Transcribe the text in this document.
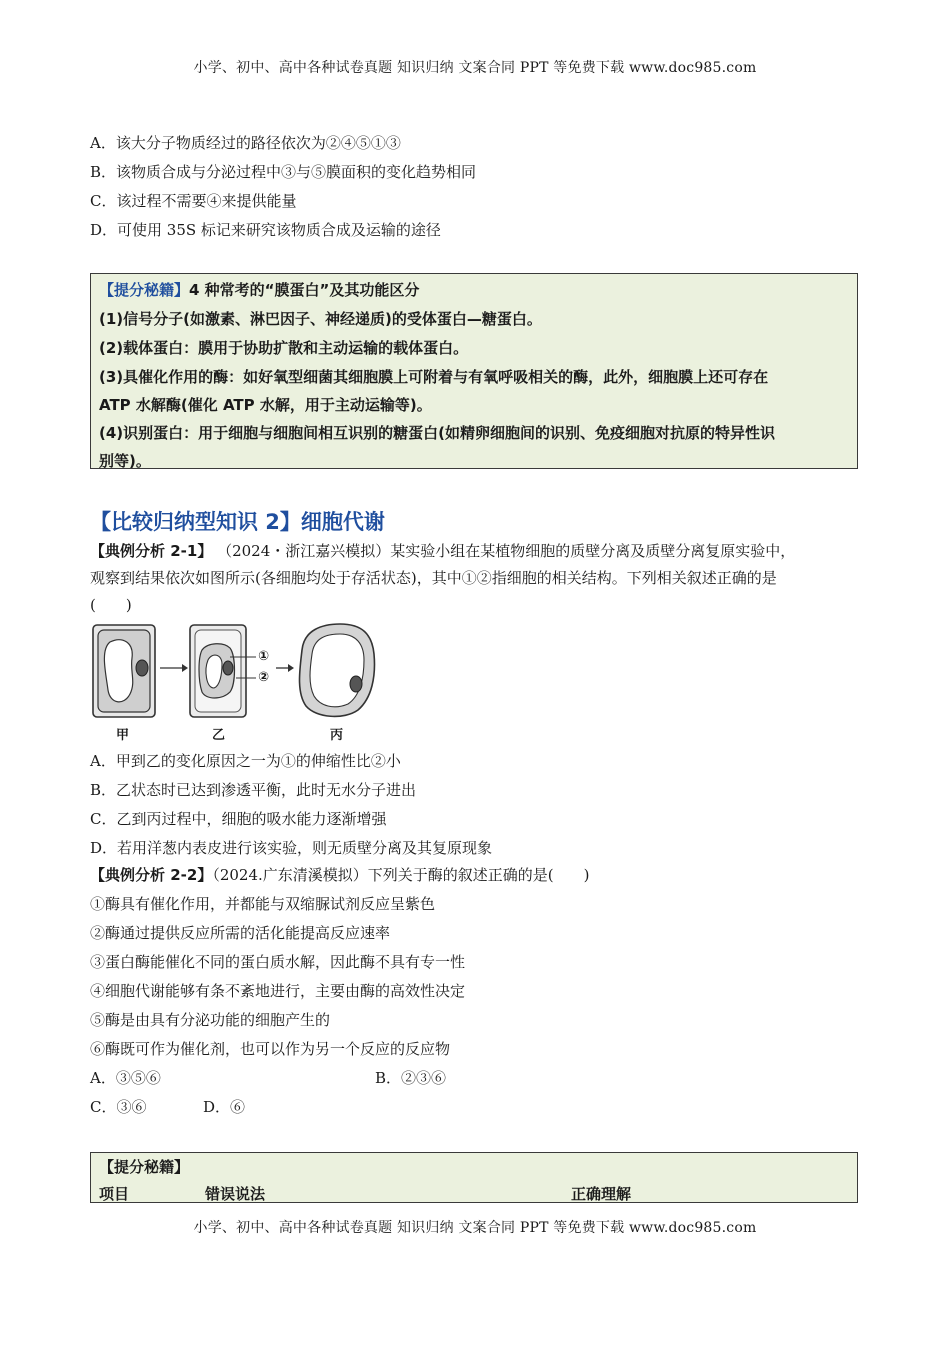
小学、初中、高中各种试卷真题 知识归纳 文案合同 PPT 等免费下载 www.doc985.com
A．该大分子物质经过的路径依次为②④⑤①③
B．该物质合成与分泌过程中③与⑤膜面积的变化趋势相同
C．该过程不需要④来提供能量
D．可使用 35S 标记来研究该物质合成及运输的途径
【提分秘籍】4 种常考的“膜蛋白”及其功能区分
(1)信号分子(如激素、淋巴因子、神经递质)的受体蛋白—糖蛋白。
(2)载体蛋白：膜用于协助扩散和主动运输的载体蛋白。
(3)具催化作用的酶：如好氧型细菌其细胞膜上可附着与有氧呼吸相关的酶，此外，细胞膜上还可存在
ATP 水解酶(催化 ATP 水解，用于主动运输等)。
(4)识别蛋白：用于细胞与细胞间相互识别的糖蛋白(如精卵细胞间的识别、免疫细胞对抗原的特异性识
别等)。
【比较归纳型知识 2】细胞代谢
【典例分析 2-1】 （2024・浙江嘉兴模拟）某实验小组在某植物细胞的质壁分离及质壁分离复原实验中，
观察到结果依次如图所示(各细胞均处于存活状态)，其中①②指细胞的相关结构。下列相关叙述正确的是
(　　)
①
②
甲	乙	丙
A．甲到乙的变化原因之一为①的伸缩性比②小
B．乙状态时已达到渗透平衡，此时无水分子进出
C．乙到丙过程中，细胞的吸水能力逐渐增强
D．若用洋葱内表皮进行该实验，则无质壁分离及其复原现象
【典例分析 2-2】（2024.广东清溪模拟）下列关于酶的叙述正确的是(　　)
①酶具有催化作用，并都能与双缩脲试剂反应呈紫色
②酶通过提供反应所需的活化能提高反应速率
③蛋白酶能催化不同的蛋白质水解，因此酶不具有专一性
④细胞代谢能够有条不紊地进行，主要由酶的高效性决定
⑤酶是由具有分泌功能的细胞产生的
⑥酶既可作为催化剂，也可以作为另一个反应的反应物
A．③⑤⑥	B．②③⑥
C．③⑥	D．⑥
【提分秘籍】
项目	错误说法	正确理解
小学、初中、高中各种试卷真题 知识归纳 文案合同 PPT 等免费下载 www.doc985.com
